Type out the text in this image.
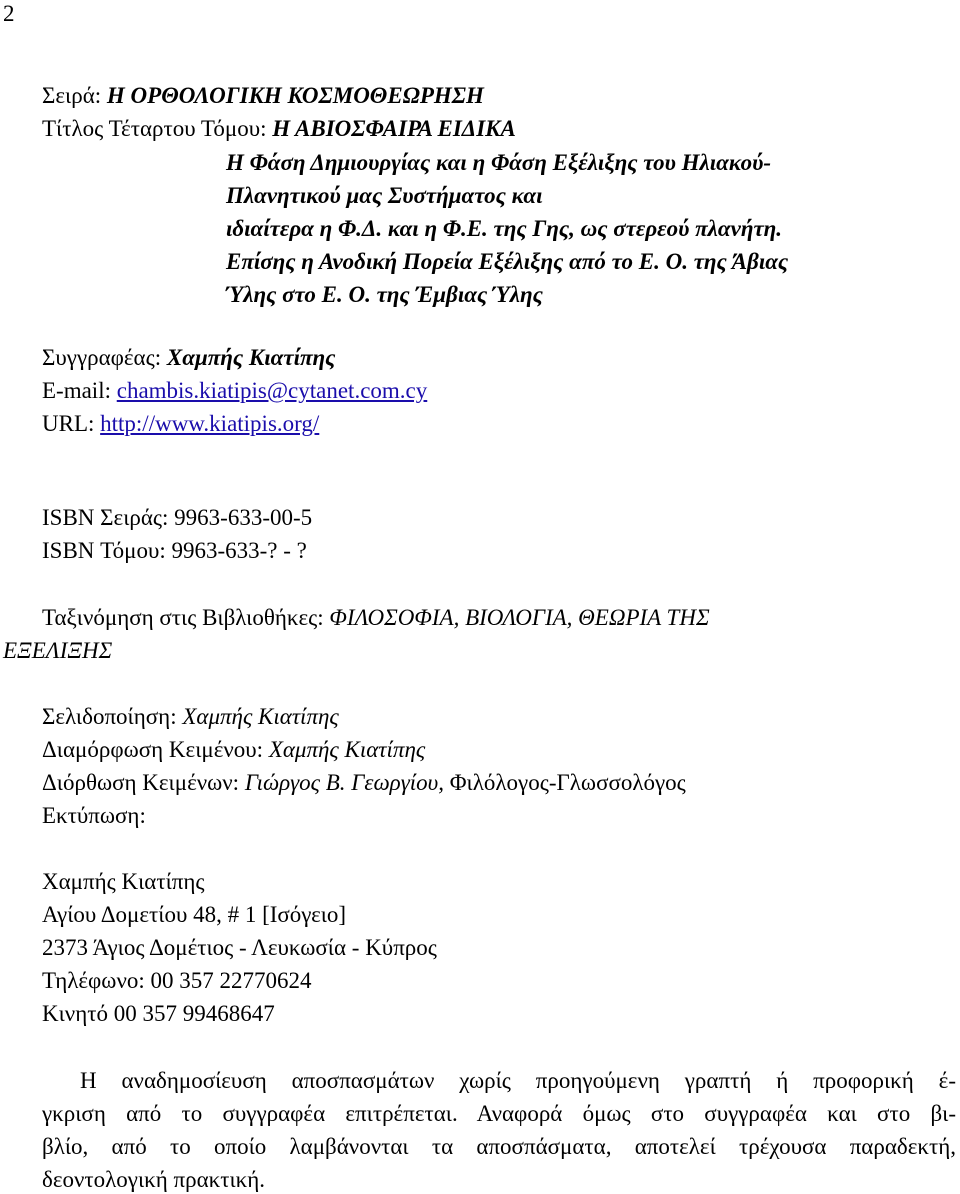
2
Σειρά: Η ΟΡΘΟΛΟΓΙΚΗ ΚΟΣΜΟΘΕΩΡΗΣΗ
Τίτλος Τέταρτου Τόμου: Η ΑΒΙΟΣΦΑΙΡΑ ΕΙΔΙΚΑ
Η Φάση Δημιουργίας και η Φάση Εξέλιξης του Ηλιακού-
Πλανητικού μας Συστήματος και
ιδιαίτερα η Φ.Δ. και η Φ.Ε. της Γης, ως στερεού πλανήτη.
Επίσης η Ανοδική Πορεία Εξέλιξης από το Ε. Ο. της Άβιας
Ύλης στο Ε. Ο. της Έμβιας Ύλης
Συγγραφέας: Χαμπής Κιατίπης
E-mail: chambis.kiatipis@cytanet.com.cy
URL: http://www.kiatipis.org/
ISBN Σειράς: 9963-633-00-5
ISBN Τόμου: 9963-633-? - ?
Ταξινόμηση στις Βιβλιοθήκες: ΦΙΛΟΣΟΦΙΑ, ΒΙΟΛΟΓΙΑ, ΘΕΩΡΙΑ ΤΗΣ
ΕΞΕΛΙΞΗΣ
Σελιδοποίηση: Χαμπής Κιατίπης
Διαμόρφωση Κειμένου: Χαμπής Κιατίπης
Διόρθωση Κειμένων: Γιώργος Β. Γεωργίου, Φιλόλογος-Γλωσσολόγος
Εκτύπωση:
Χαμπής Κιατίπης
Αγίου Δομετίου 48, # 1 [Ισόγειο]
2373 Άγιος Δομέτιος - Λευκωσία - Κύπρος
Τηλέφωνο: 00 357 22770624
Κινητό 00 357 99468647
Η αναδημοσίευση αποσπασμάτων χωρίς προηγούμενη γραπτή ή προφορική έ-
γκριση από το συγγραφέα επιτρέπεται. Αναφορά όμως στο συγγραφέα και στο βι-
βλίο, από το οποίο λαμβάνονται τα αποσπάσματα, αποτελεί τρέχουσα παραδεκτή,
δεοντολογική πρακτική.
